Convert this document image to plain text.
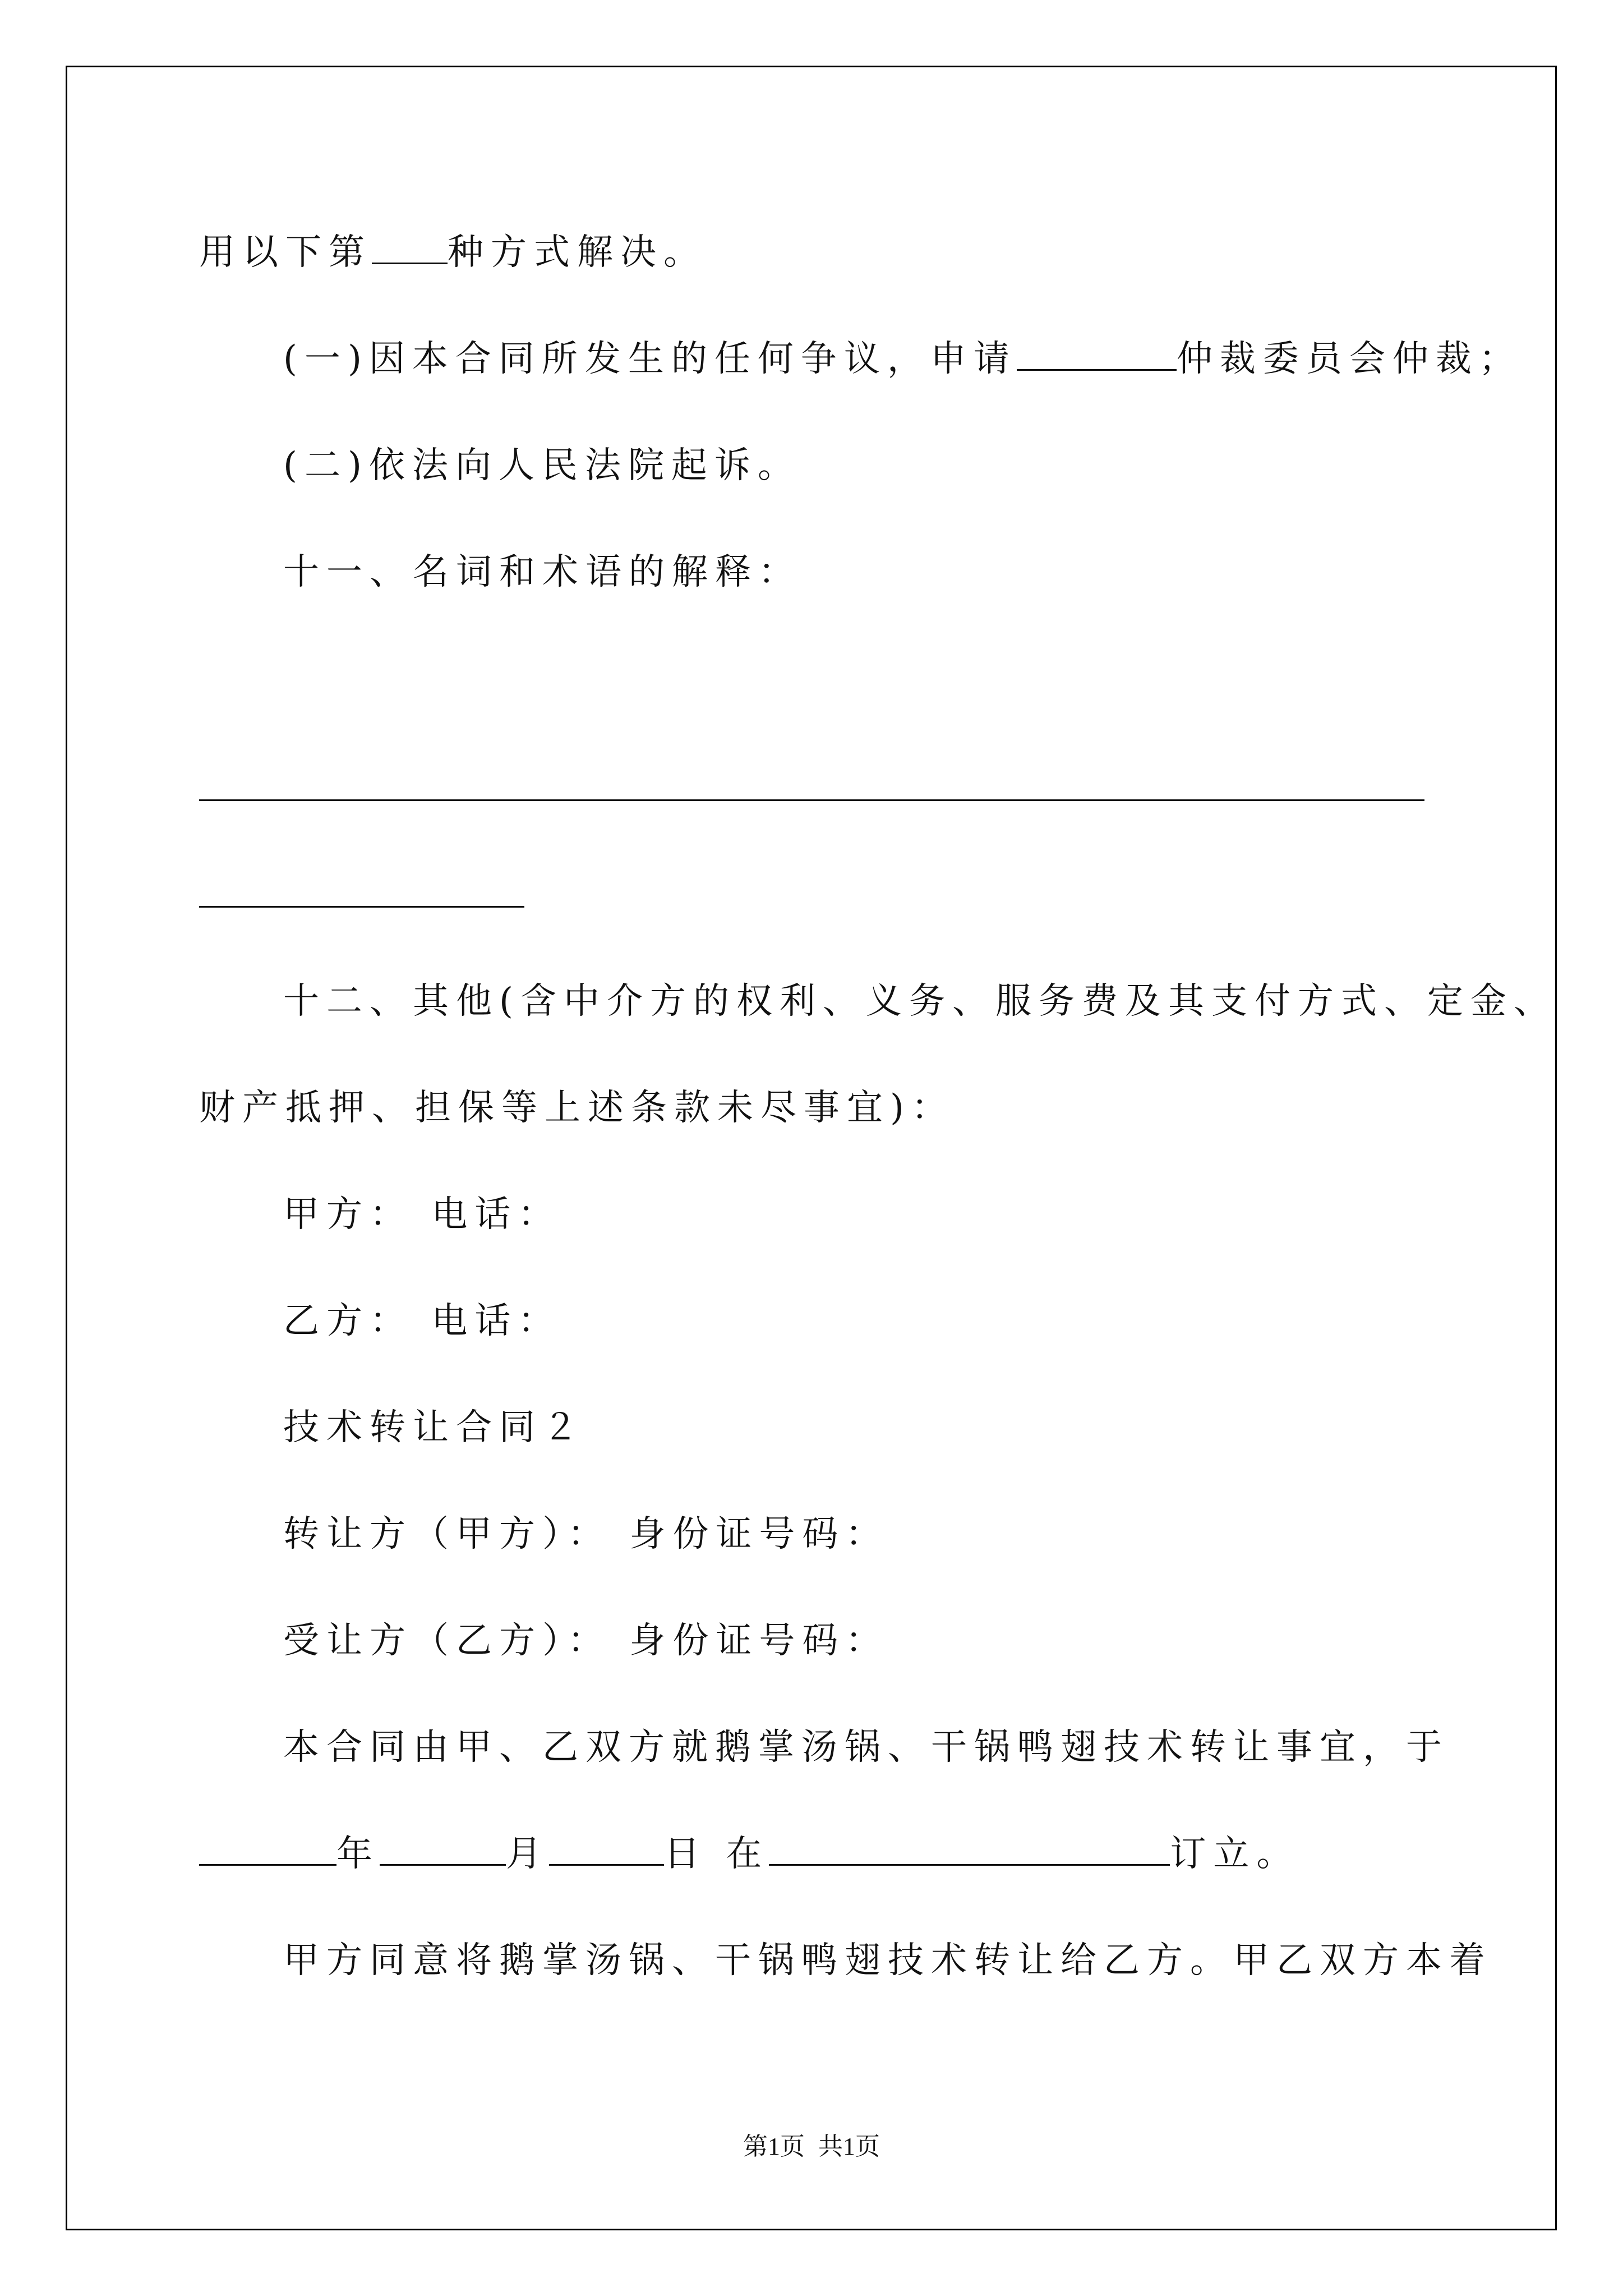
用以下第 种方式解决。
(一)因本合同所发生的任何争议，申请	仲裁委员会仲裁；
(二)依法向人民法院起诉。
十一、名词和术语的解释：
十二、其他(含中介方的权利、义务、服务费及其支付方式、定金、
财产抵押、担保等上述条款未尽事宜)：
甲方： 电话：
乙方： 电话：
技术转让合同２
转让方（甲方）： 身份证号码：
受让方（乙方）： 身份证号码：
本合同由甲、乙双方就鹅掌汤锅、干锅鸭翅技术转让事宜，于
年	月	日 在	订立。
甲方同意将鹅掌汤锅、干锅鸭翅技术转让给乙方。甲乙双方本着
第1页 共1页
